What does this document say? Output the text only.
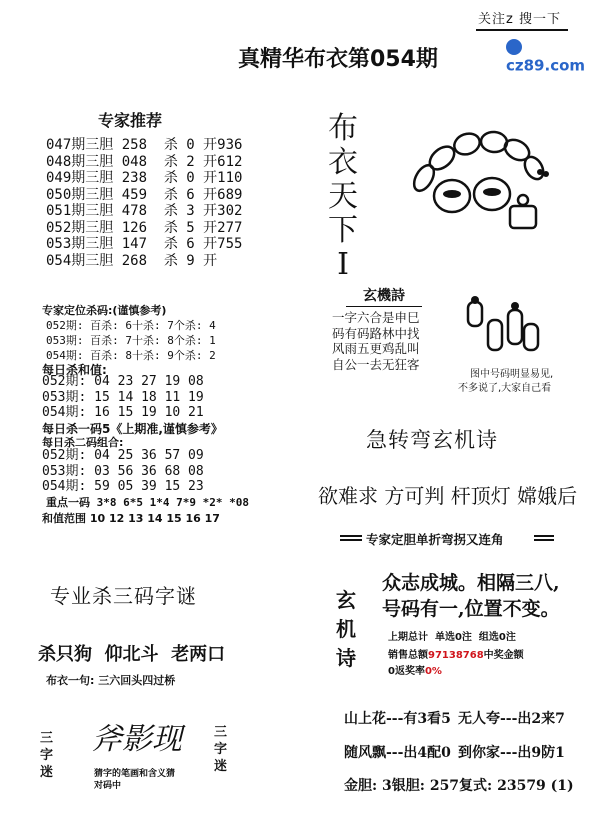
关注z 搜一下
cz89.com
真精华布衣第054期
专家推荐
047期三胆 258  杀 0 开936
048期三胆 048  杀 2 开612
049期三胆 238  杀 0 开110
050期三胆 459  杀 6 开689
051期三胆 478  杀 3 开302
052期三胆 126  杀 5 开277
053期三胆 147  杀 6 开755
054期三胆 268  杀 9 开
专家定位杀码:(谨慎参考)
052期: 百杀: 6十杀: 7个杀: 4
053期: 百杀: 7十杀: 8个杀: 1
054期: 百杀: 8十杀: 9个杀: 2
每日杀和值:
052期: 04 23 27 19 08
053期: 15 14 18 11 19
054期: 16 15 19 10 21
每日杀一码5《上期准,谨慎参考》
每日杀二码组合:
052期: 04 25 36 57 09
053期: 03 56 36 68 08
054期: 59 05 39 15 23
重点一码 3*8 6*5 1*4 7*9 *2* *08
和值范围 10 12 13 14 15 16 17
布
衣
天
下
I
玄機詩
一字六合是申巳
码有码路林中找
风雨五更鸡乱叫
自公一去无狂客
图中号码明显易见,
不多说了,大家自己看
急转弯玄机诗
欲难求 方可判 杆顶灯 嫦娥后
专家定胆单折弯拐又连角
玄
机
诗
众志成城。相隔三八,
号码有一,位置不变。
上期总计  单选0注  组选0注
销售总额97138768中奖金额
0返奖率0%
专业杀三码字谜
杀只狗  仰北斗  老两口
布衣一句: 三六回头四过桥
三
字
迷
斧影现
猜字的笔画和含义猜
对码中
三
字
迷
山上花---有3看5 无人夸---出2来7
随风飘---出4配0 到你家---出9防1
金胆: 3银胆: 257复式: 23579 (1)
